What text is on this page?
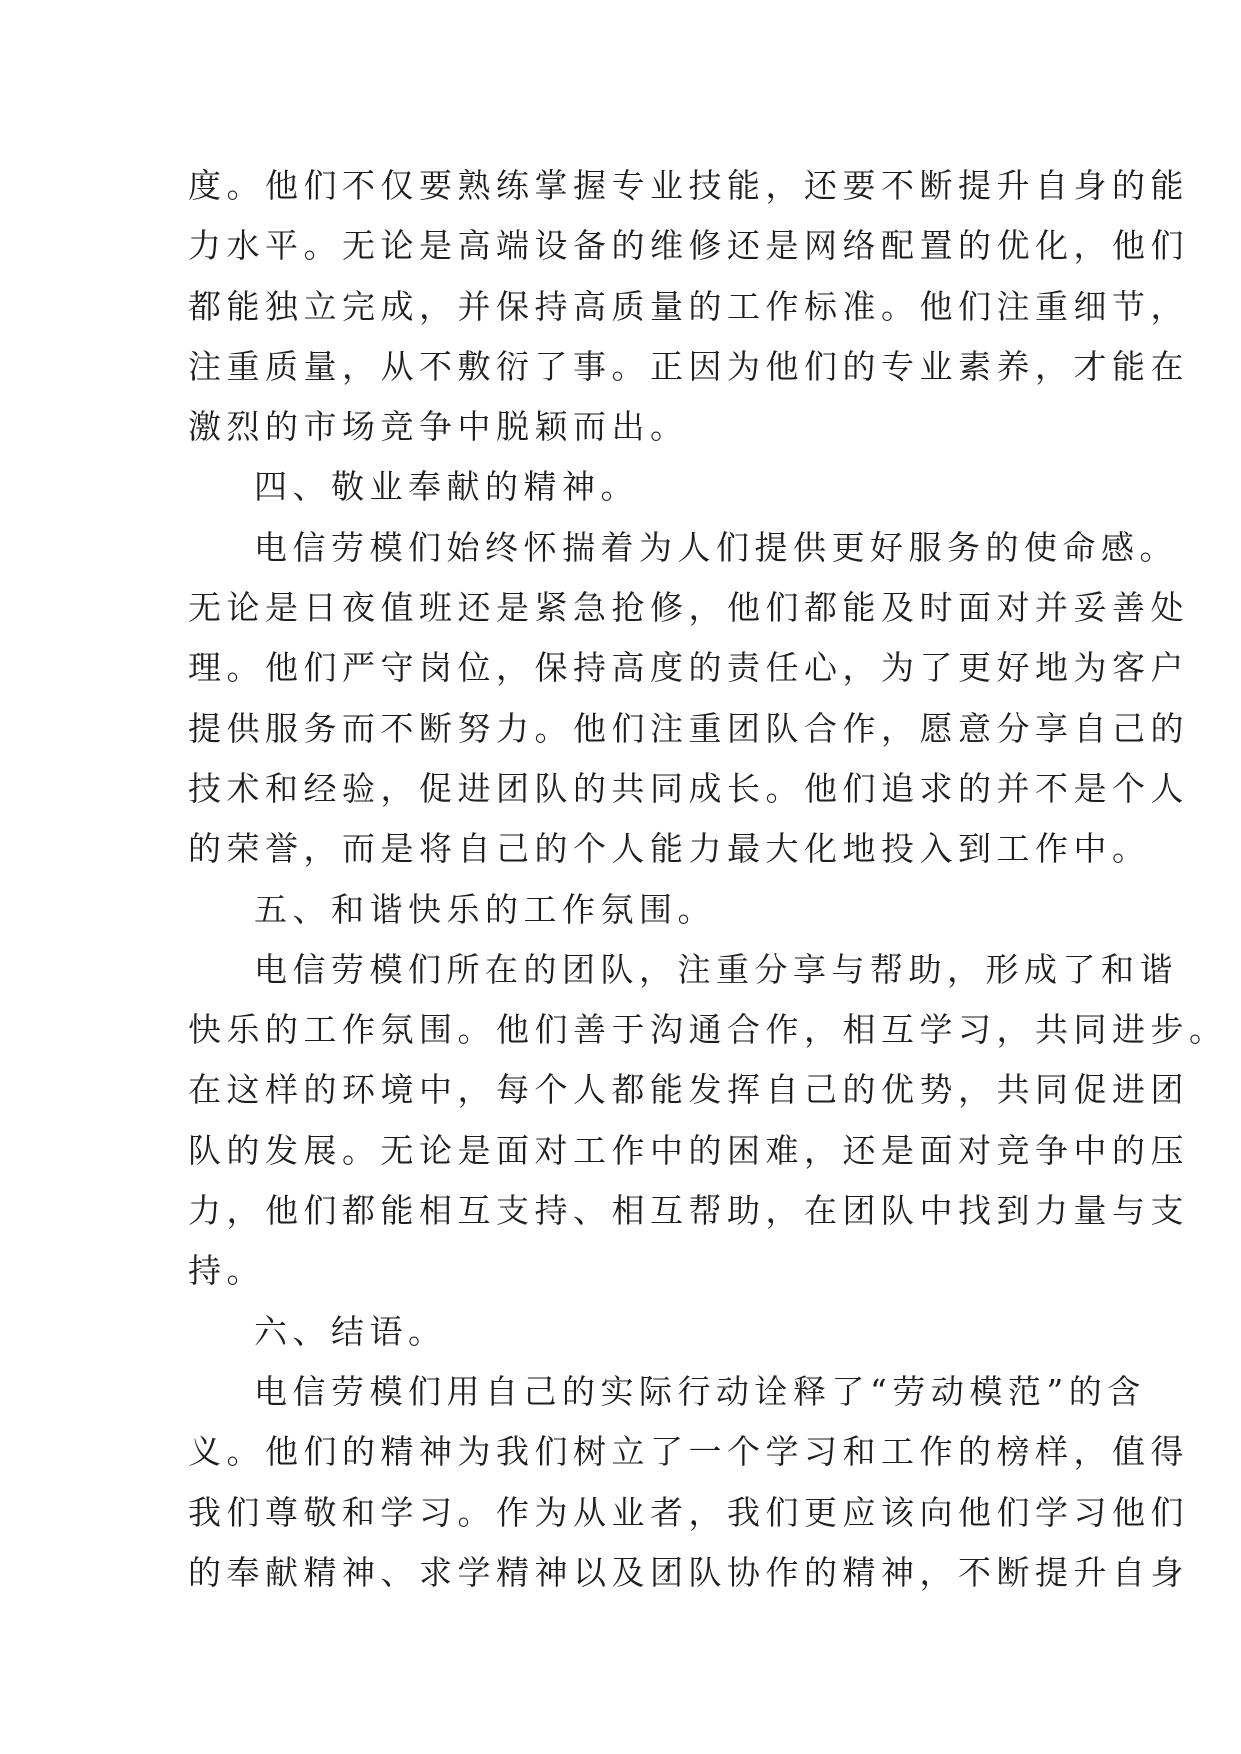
度。他们不仅要熟练掌握专业技能，还要不断提升自身的能
力水平。无论是高端设备的维修还是网络配置的优化，他们
都能独立完成，并保持高质量的工作标准。他们注重细节，
注重质量，从不敷衍了事。正因为他们的专业素养，才能在
激烈的市场竞争中脱颖而出。
四、敬业奉献的精神。
电信劳模们始终怀揣着为人们提供更好服务的使命感。
无论是日夜值班还是紧急抢修，他们都能及时面对并妥善处
理。他们严守岗位，保持高度的责任心，为了更好地为客户
提供服务而不断努力。他们注重团队合作，愿意分享自己的
技术和经验，促进团队的共同成长。他们追求的并不是个人
的荣誉，而是将自己的个人能力最大化地投入到工作中。
五、和谐快乐的工作氛围。
电信劳模们所在的团队，注重分享与帮助，形成了和谐
快乐的工作氛围。他们善于沟通合作，相互学习，共同进步。
在这样的环境中，每个人都能发挥自己的优势，共同促进团
队的发展。无论是面对工作中的困难，还是面对竞争中的压
力，他们都能相互支持、相互帮助，在团队中找到力量与支
持。
六、结语。
电信劳模们用自己的实际行动诠释了“劳动模范”的含
义。他们的精神为我们树立了一个学习和工作的榜样，值得
我们尊敬和学习。作为从业者，我们更应该向他们学习他们
的奉献精神、求学精神以及团队协作的精神，不断提升自身
